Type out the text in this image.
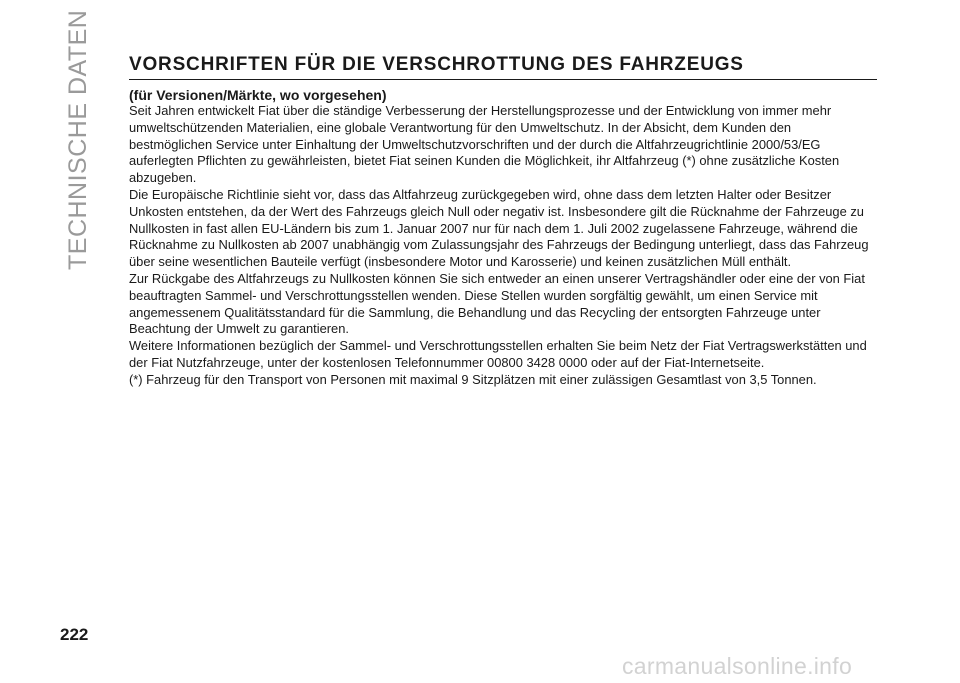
TECHNISCHE DATEN	VORSCHRIFTEN FÜR DIE VERSCHROTTUNG DES FAHRZEUGS

(für Versionen/Märkte, wo vorgesehen)

Seit Jahren entwickelt Fiat über die ständige Verbesserung der Herstellungsprozesse und der Entwicklung von immer mehr umweltschützenden Materialien, eine globale Verantwortung für den Umweltschutz. In der Absicht, dem Kunden den bestmöglichen Service unter Einhaltung der Umweltschutzvorschriften und der durch die Altfahrzeugrichtlinie 2000/53/EG auferlegten Pflichten zu gewährleisten, bietet Fiat seinen Kunden die Möglichkeit, ihr Altfahrzeug (*) ohne zusätzliche Kosten abzugeben.

Die Europäische Richtlinie sieht vor, dass das Altfahrzeug zurückgegeben wird, ohne dass dem letzten Halter oder Besitzer Unkosten entstehen, da der Wert des Fahrzeugs gleich Null oder negativ ist. Insbesondere gilt die Rücknahme der Fahrzeuge zu Nullkosten in fast allen EU-Ländern bis zum 1. Januar 2007 nur für nach dem 1. Juli 2002 zugelassene Fahrzeuge, während die Rücknahme zu Nullkosten ab 2007 unabhängig vom Zulassungsjahr des Fahrzeugs der Bedingung unterliegt, dass das Fahrzeug über seine wesentlichen Bauteile verfügt (insbesondere Motor und Karosserie) und keinen zusätzlichen Müll enthält.

Zur Rückgabe des Altfahrzeugs zu Nullkosten können Sie sich entweder an einen unserer Vertragshändler oder eine der von Fiat beauftragten Sammel- und Verschrottungsstellen wenden. Diese Stellen wurden sorgfältig gewählt, um einen Service mit angemessenem Qualitätsstandard für die Sammlung, die Behandlung und das Recycling der entsorgten Fahrzeuge unter Beachtung der Umwelt zu garantieren.

Weitere Informationen bezüglich der Sammel- und Verschrottungsstellen erhalten Sie beim Netz der Fiat Vertragswerkstätten und der Fiat Nutzfahrzeuge, unter der kostenlosen Telefonnummer 00800 3428 0000 oder auf der Fiat-Internetseite.

(*) Fahrzeug für den Transport von Personen mit maximal 9 Sitzplätzen mit einer zulässigen Gesamtlast von 3,5 Tonnen.

222
carmanualsonline.info
